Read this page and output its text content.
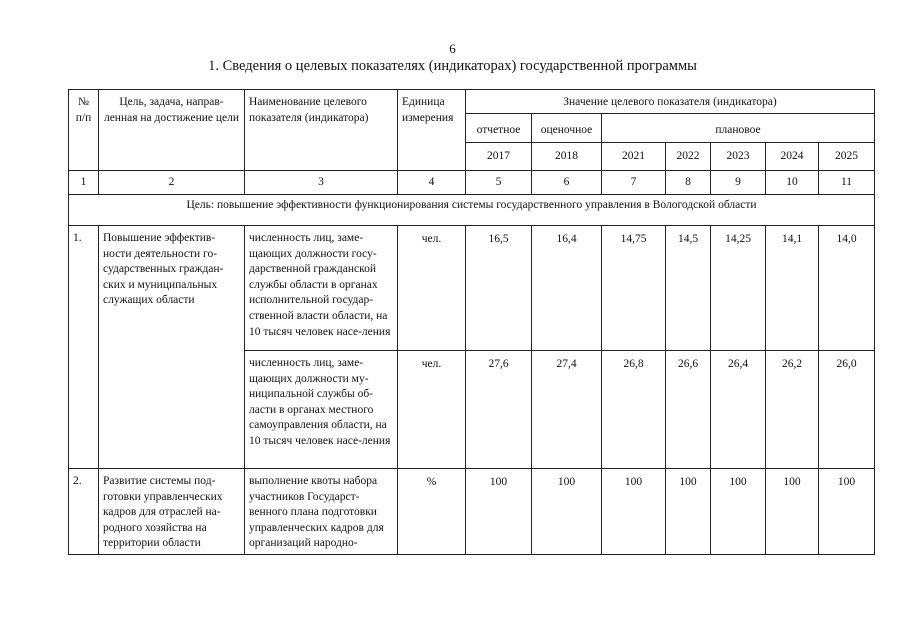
6
1. Сведения о целевых показателях (индикаторах) государственной программы
№ п/п	Цель, задача, направ-ленная на достижение цели	Наименование целевого показателя (индикатора)	Единица измерения	Значение целевого показателя (индикатора)						
				отчетное	оценочное	плановое				
				2017	2018	2021	2022	2023	2024	2025
1	2	3	4	5	6	7	8	9	10	11
Цель: повышение эффективности функционирования системы государственного управления в Вологодской области										
1.	Повышение эффектив-ности деятельности го-сударственных граждан-ских и муниципальных служащих области	численность лиц, заме-щающих должности госу-дарственной гражданской службы области в органах исполнительной государ-ственной власти области, на 10 тысяч человек насе-ления	чел.	16,5	16,4	14,75	14,5	14,25	14,1	14,0
		численность лиц, заме-щающих должности му-ниципальной службы об-ласти в органах местного самоуправления области, на 10 тысяч человек насе-ления	чел.	27,6	27,4	26,8	26,6	26,4	26,2	26,0
2.	Развитие системы под-готовки управленческих кадров для отраслей на-родного хозяйства на территории области	выполнение квоты набора участников Государст-венного плана подготовки управленческих кадров для организаций народно-	%	100	100	100	100	100	100	100
